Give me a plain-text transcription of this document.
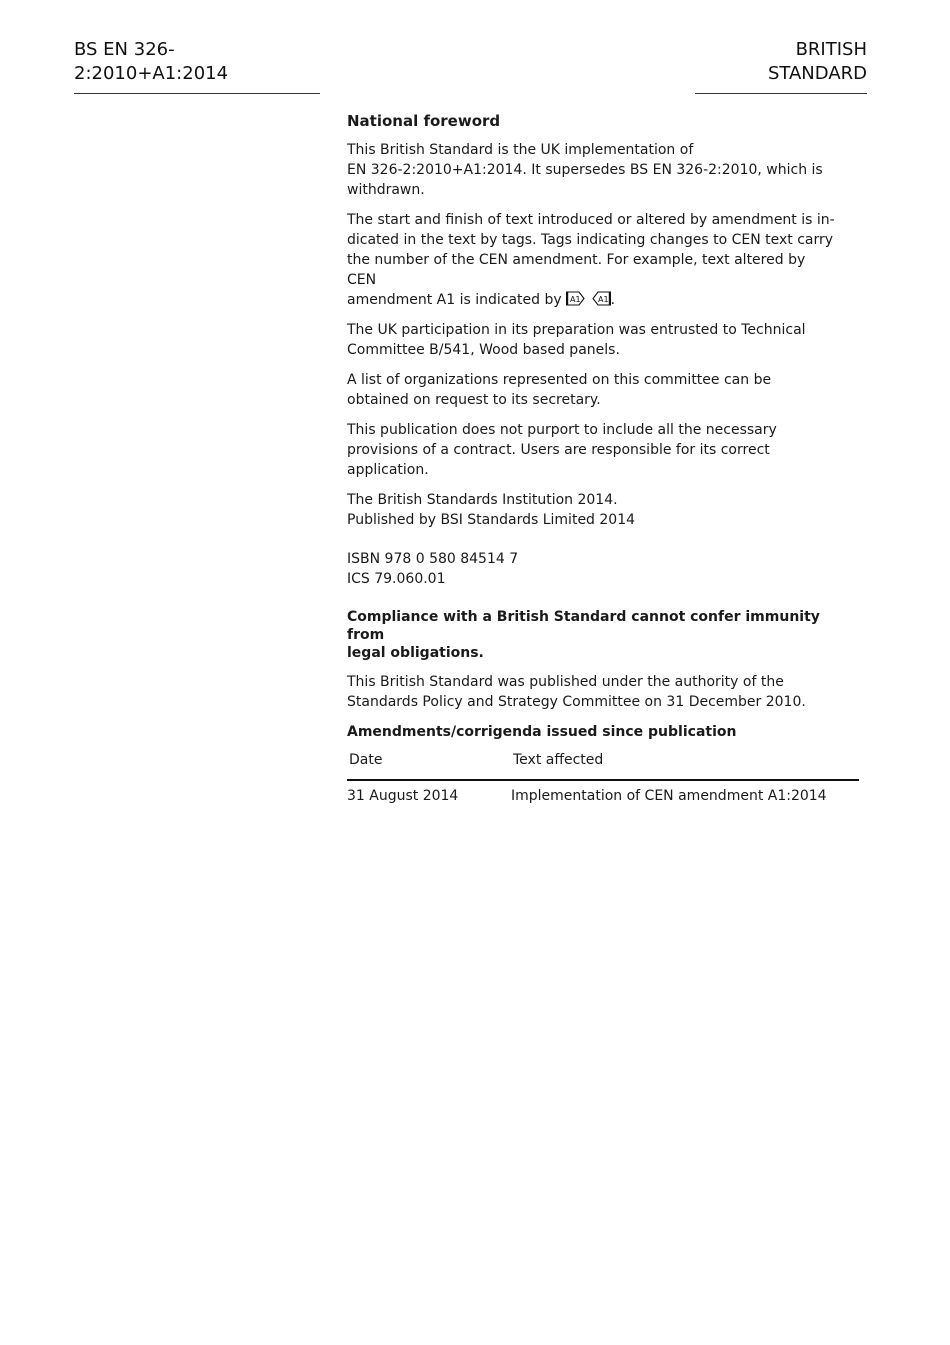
BS EN 326-2:2010+A1:2014
BRITISH STANDARD
National foreword

This British Standard is the UK implementation of
EN 326-2:2010+A1:2014. It supersedes BS EN 326-2:2010, which is
withdrawn.

The start and finish of text introduced or altered by amendment is in-
dicated in the text by tags. Tags indicating changes to CEN text carry
the number of the CEN amendment. For example, text altered by CEN
amendment A1 is indicated by A1
A1 .

The UK participation in its preparation was entrusted to Technical
Committee B/541, Wood based panels.

A list of organizations represented on this committee can be
obtained on request to its secretary.

This publication does not purport to include all the necessary
provisions of a contract. Users are responsible for its correct
application.

The British Standards Institution 2014.
Published by BSI Standards Limited 2014

ISBN 978 0 580 84514 7
ICS 79.060.01

Compliance with a British Standard cannot confer immunity from
legal obligations.

This British Standard was published under the authority of the
Standards Policy and Strategy Committee on 31 December 2010.

Amendments/corrigenda issued since publication
Date	Text affected
31 August 2014	Implementation of CEN amendment A1:2014
